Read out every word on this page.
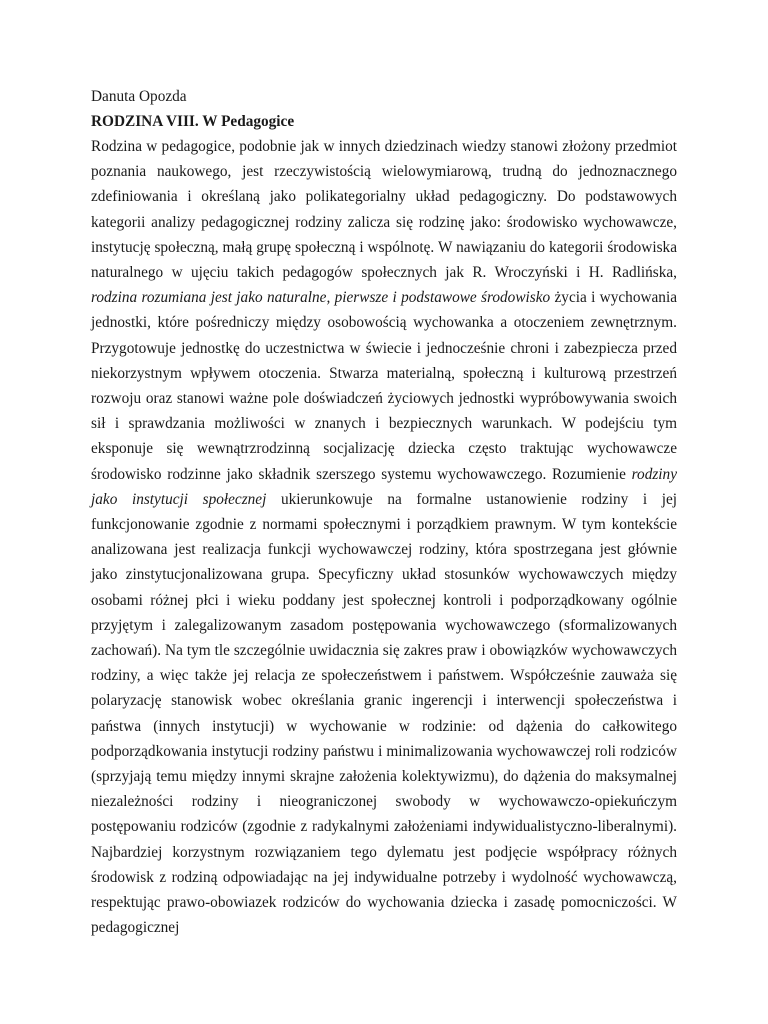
Danuta Opozda
RODZINA VIII. W Pedagogice

Rodzina w pedagogice, podobnie jak w innych dziedzinach wiedzy stanowi złożony przedmiot poznania naukowego, jest rzeczywistością wielowymiarową, trudną do jednoznacznego zdefiniowania i określaną jako polikategorialny układ pedagogiczny. Do podstawowych kategorii analizy pedagogicznej rodziny zalicza się rodzinę jako: środowisko wychowawcze, instytucję społeczną, małą grupę społeczną i wspólnotę. W nawiązaniu do kategorii środowiska naturalnego w ujęciu takich pedagogów społecznych jak R. Wroczyński i H. Radlińska, rodzina rozumiana jest jako naturalne, pierwsze i podstawowe środowisko życia i wychowania jednostki, które pośredniczy między osobowością wychowanka a otoczeniem zewnętrznym. Przygotowuje jednostkę do uczestnictwa w świecie i jednocześnie chroni i zabezpiecza przed niekorzystnym wpływem otoczenia. Stwarza materialną, społeczną i kulturową przestrzeń rozwoju oraz stanowi ważne pole doświadczeń życiowych jednostki wypróbowywania swoich sił i sprawdzania możliwości w znanych i bezpiecznych warunkach. W podejściu tym eksponuje się wewnątrzrodzinną socjalizację dziecka często traktując wychowawcze środowisko rodzinne jako składnik szerszego systemu wychowawczego. Rozumienie rodziny jako instytucji społecznej ukierunkowuje na formalne ustanowienie rodziny i jej funkcjonowanie zgodnie z normami społecznymi i porządkiem prawnym. W tym kontekście analizowana jest realizacja funkcji wychowawczej rodziny, która spostrzegana jest głównie jako zinstytucjonalizowana grupa. Specyficzny układ stosunków wychowawczych między osobami różnej płci i wieku poddany jest społecznej kontroli i podporządkowany ogólnie przyjętym i zalegalizowanym zasadom postępowania wychowawczego (sformalizowanych zachowań). Na tym tle szczególnie uwidacznia się zakres praw i obowiązków wychowawczych rodziny, a więc także jej relacja ze społeczeństwem i państwem. Współcześnie zauważa się polaryzację stanowisk wobec określania granic ingerencji i interwencji społeczeństwa i państwa (innych instytucji) w wychowanie w rodzinie: od dążenia do całkowitego podporządkowania instytucji rodziny państwu i minimalizowania wychowawczej roli rodziców (sprzyjają temu między innymi skrajne założenia kolektywizmu), do dążenia do maksymalnej niezależności rodziny i nieograniczonej swobody w wychowawczo-opiekuńczym postępowaniu rodziców (zgodnie z radykalnymi założeniami indywidualistyczno-liberalnymi). Najbardziej korzystnym rozwiązaniem tego dylematu jest podjęcie współpracy różnych środowisk z rodziną odpowiadając na jej indywidualne potrzeby i wydolność wychowawczą, respektując prawo-obowiazek rodziców do wychowania dziecka i zasadę pomocniczości. W pedagogicznej
